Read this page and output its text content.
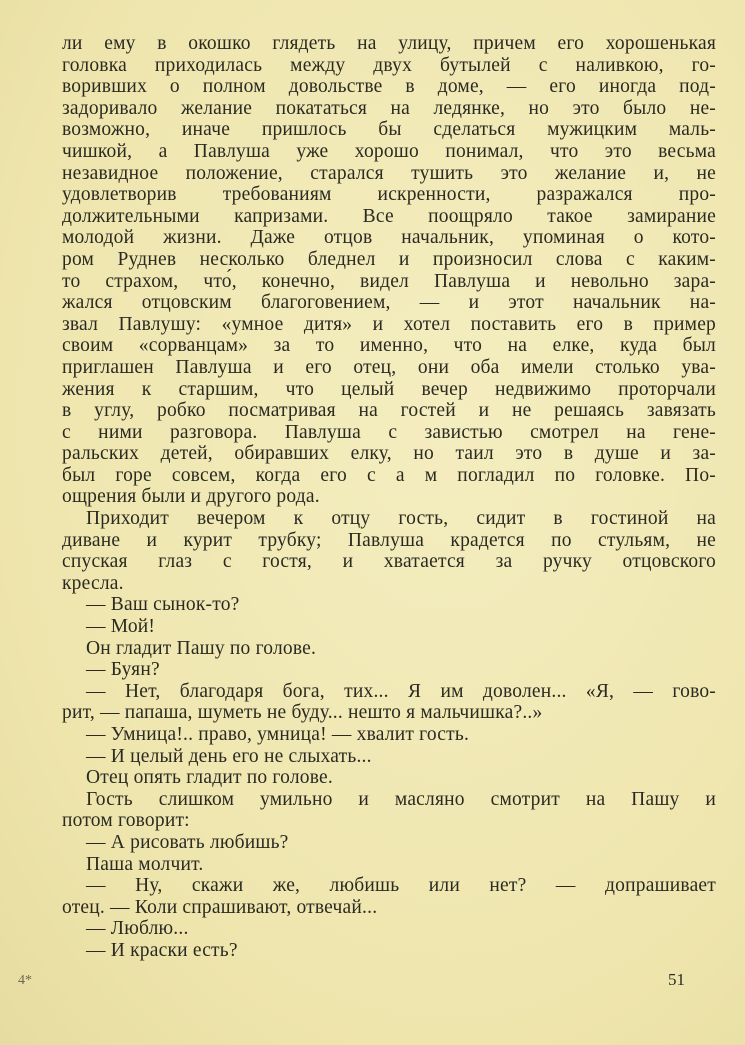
ли ему в окошко глядеть на улицу, причем его хорошенькая
головка приходилась между двух бутылей с наливкою, го-
воривших о полном довольстве в доме, — его иногда под-
задоривало желание покататься на ледянке, но это было не-
возможно, иначе пришлось бы сделаться мужицким маль-
чишкой, а Павлуша уже хорошо понимал, что это весьма
незавидное положение, старался тушить это желание и, не
удовлетворив требованиям искренности, разражался про-
должительными капризами. Все поощряло такое замирание
молодой жизни. Даже отцов начальник, упоминая о кото-
ром Руднев несколько бледнел и произносил слова с каким-
то страхом, что́, конечно, видел Павлуша и невольно зара-
жался отцовским благоговением, — и этот начальник на-
звал Павлушу: «умное дитя» и хотел поставить его в пример
своим «сорванцам» за то именно, что на елке, куда был
приглашен Павлуша и его отец, они оба имели столько ува-
жения к старшим, что целый вечер недвижимо проторчали
в углу, робко посматривая на гостей и не решаясь завязать
с ними разговора. Павлуша с завистью смотрел на гене-
ральских детей, обиравших елку, но таил это в душе и за-
был горе совсем, когда его с а м погладил по головке. По-
ощрения были и другого рода.
Приходит вечером к отцу гость, сидит в гостиной на
диване и курит трубку; Павлуша крадется по стульям, не
спуская глаз с гостя, и хватается за ручку отцовского
кресла.
— Ваш сынок-то?
— Мой!
Он гладит Пашу по голове.
— Буян?
— Нет, благодаря бога, тих... Я им доволен... «Я, — гово-
рит, — папаша, шуметь не буду... нешто я мальчишка?..»
— Умница!.. право, умница! — хвалит гость.
— И целый день его не слыхать...
Отец опять гладит по голове.
Гость слишком умильно и масляно смотрит на Пашу и
потом говорит:
— А рисовать любишь?
Паша молчит.
— Ну, скажи же, любишь или нет? — допрашивает
отец. — Коли спрашивают, отвечай...
— Люблю...
— И краски есть?
4*	51
